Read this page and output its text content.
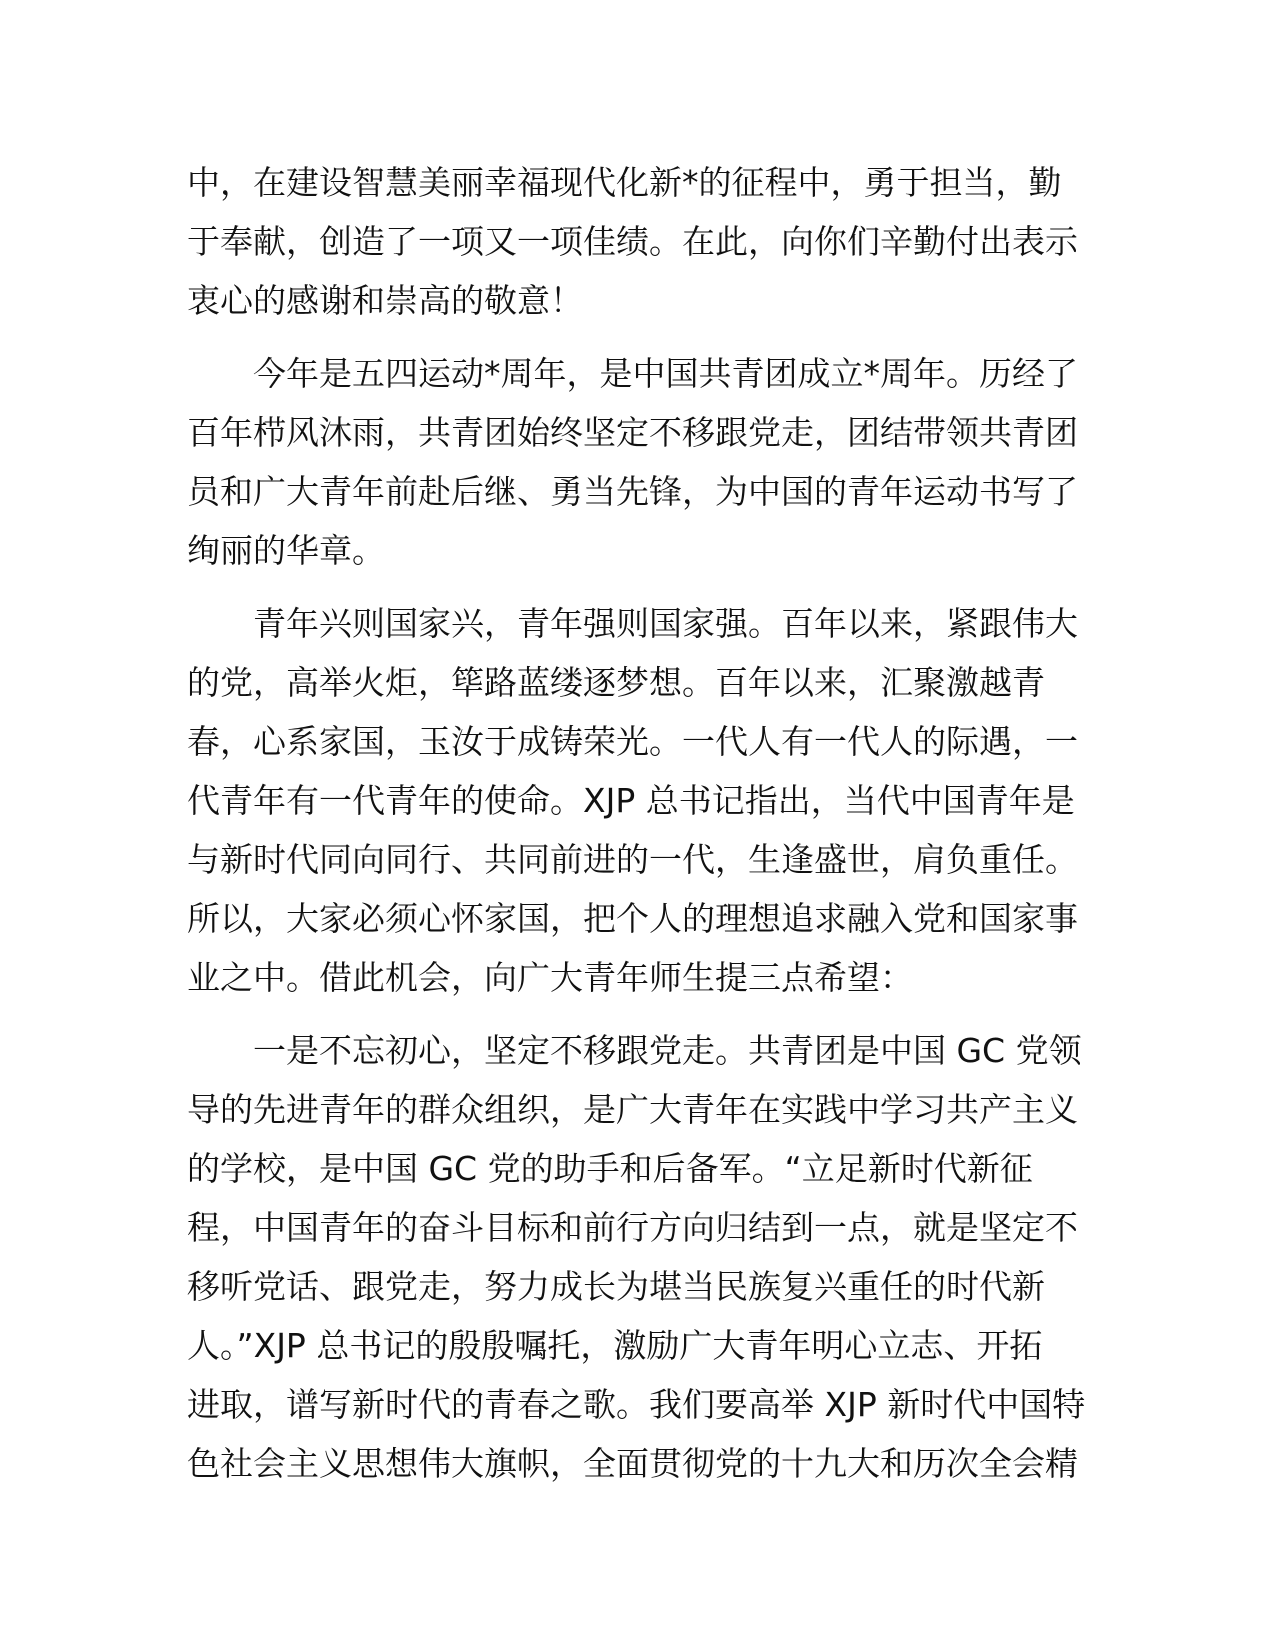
中，在建设智慧美丽幸福现代化新*的征程中，勇于担当，勤
于奉献，创造了一项又一项佳绩。在此，向你们辛勤付出表示
衷心的感谢和崇高的敬意！
今年是五四运动*周年，是中国共青团成立*周年。历经了
百年栉风沐雨，共青团始终坚定不移跟党走，团结带领共青团
员和广大青年前赴后继、勇当先锋，为中国的青年运动书写了
绚丽的华章。
青年兴则国家兴，青年强则国家强。百年以来，紧跟伟大
的党，高举火炬，筚路蓝缕逐梦想。百年以来，汇聚激越青
春，心系家国，玉汝于成铸荣光。一代人有一代人的际遇，一
代青年有一代青年的使命。XJP 总书记指出，当代中国青年是
与新时代同向同行、共同前进的一代，生逢盛世，肩负重任。
所以，大家必须心怀家国，把个人的理想追求融入党和国家事
业之中。借此机会，向广大青年师生提三点希望：
一是不忘初心，坚定不移跟党走。共青团是中国 GC 党领
导的先进青年的群众组织，是广大青年在实践中学习共产主义
的学校，是中国 GC 党的助手和后备军。“立足新时代新征
程，中国青年的奋斗目标和前行方向归结到一点，就是坚定不
移听党话、跟党走，努力成长为堪当民族复兴重任的时代新
人。”XJP 总书记的殷殷嘱托，激励广大青年明心立志、开拓
进取，谱写新时代的青春之歌。我们要高举 XJP 新时代中国特
色社会主义思想伟大旗帜，全面贯彻党的十九大和历次全会精
